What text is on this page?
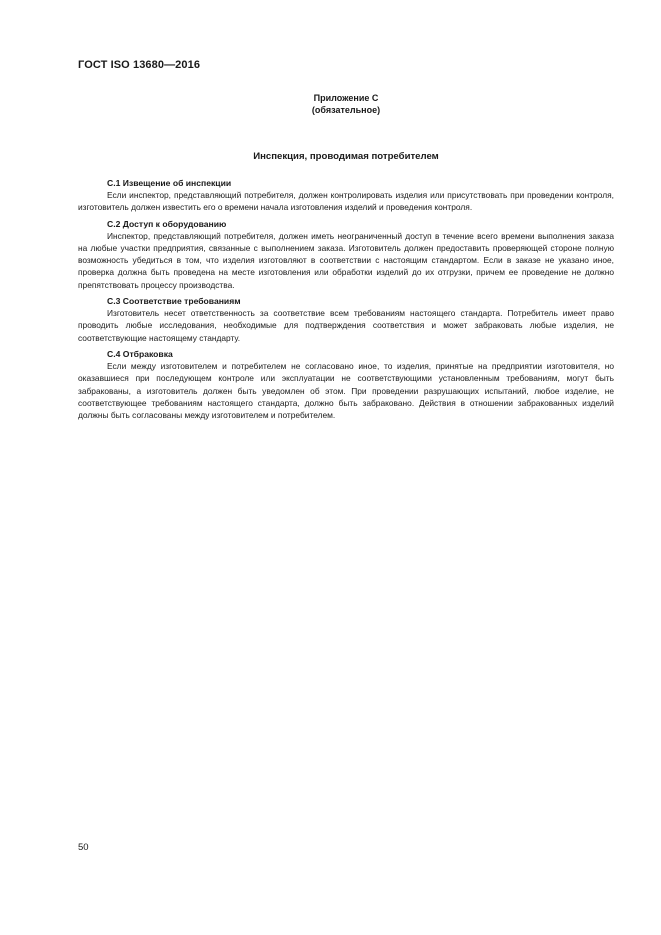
ГОСТ ISO 13680—2016
Приложение С
(обязательное)
Инспекция, проводимая потребителем
С.1 Извещение об инспекции

Если инспектор, представляющий потребителя, должен контролировать изделия или присутствовать при проведении контроля, изготовитель должен известить его о времени начала изготовления изделий и проведения контроля.

С.2 Доступ к оборудованию

Инспектор, представляющий потребителя, должен иметь неограниченный доступ в течение всего времени выполнения заказа на любые участки предприятия, связанные с выполнением заказа. Изготовитель должен предоставить проверяющей стороне полную возможность убедиться в том, что изделия изготовляют в соответствии с настоящим стандартом. Если в заказе не указано иное, проверка должна быть проведена на месте изготовления или обработки изделий до их отгрузки, причем ее проведение не должно препятствовать процессу производства.

С.3 Соответствие требованиям

Изготовитель несет ответственность за соответствие всем требованиям настоящего стандарта. Потребитель имеет право проводить любые исследования, необходимые для подтверждения соответствия и может забраковать любые изделия, не соответствующие настоящему стандарту.

С.4 Отбраковка

Если между изготовителем и потребителем не согласовано иное, то изделия, принятые на предприятии изготовителя, но оказавшиеся при последующем контроле или эксплуатации не соответствующими установленным требованиям, могут быть забракованы, а изготовитель должен быть уведомлен об этом. При проведении разрушающих испытаний, любое изделие, не соответствующее требованиям настоящего стандарта, должно быть забраковано. Действия в отношении забракованных изделий должны быть согласованы между изготовителем и потребителем.

50
